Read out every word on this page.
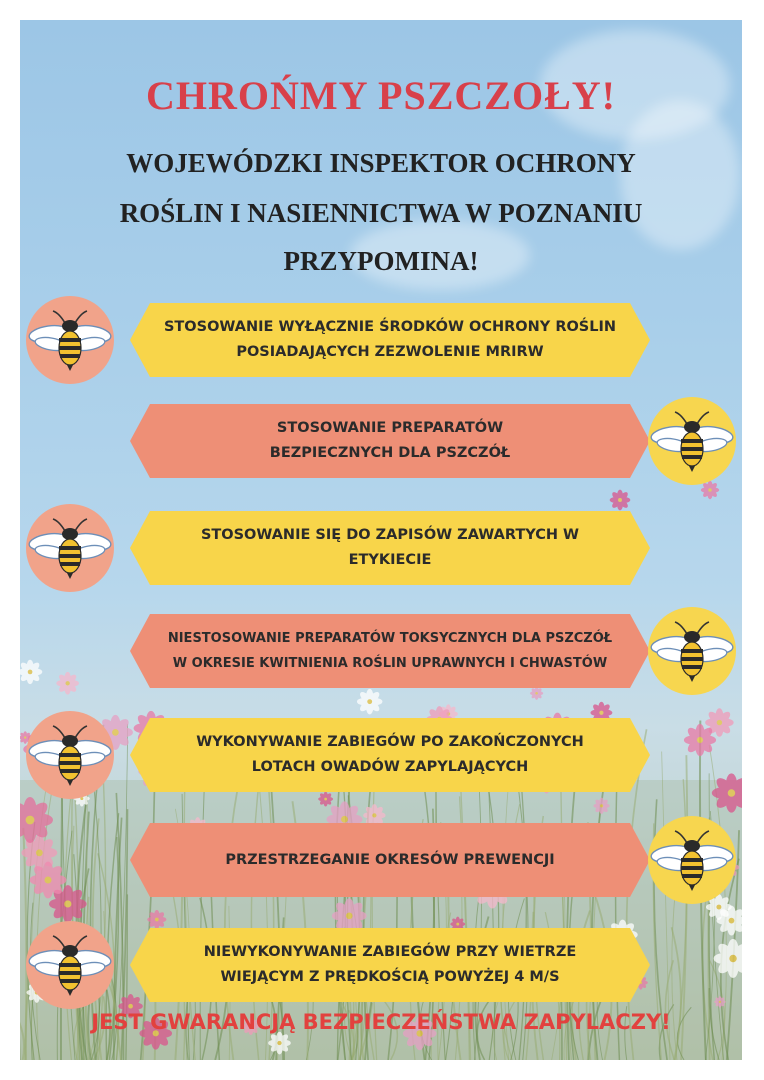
CHROŃMY PSZCZOŁY!
WOJEWÓDZKI INSPEKTOR OCHRONY
ROŚLIN I NASIENNICTWA W POZNANIU
PRZYPOMINA!
STOSOWANIE WYŁĄCZNIE ŚRODKÓW OCHRONY ROŚLIN
POSIADAJĄCYCH ZEZWOLENIE MRIRW
STOSOWANIE PREPARATÓW
BEZPIECZNYCH DLA PSZCZÓŁ
STOSOWANIE SIĘ DO ZAPISÓW ZAWARTYCH W
ETYKIECIE
NIESTOSOWANIE PREPARATÓW TOKSYCZNYCH DLA PSZCZÓŁ
W OKRESIE KWITNIENIA ROŚLIN UPRAWNYCH I CHWASTÓW
WYKONYWANIE ZABIEGÓW PO ZAKOŃCZONYCH
LOTACH OWADÓW ZAPYLAJĄCYCH
PRZESTRZEGANIE OKRESÓW PREWENCJI
NIEWYKONYWANIE ZABIEGÓW PRZY WIETRZE
WIEJĄCYM Z PRĘDKOŚCIĄ POWYŻEJ 4 M/S
JEST GWARANCJĄ BEZPIECZEŃSTWA ZAPYLACZY!
